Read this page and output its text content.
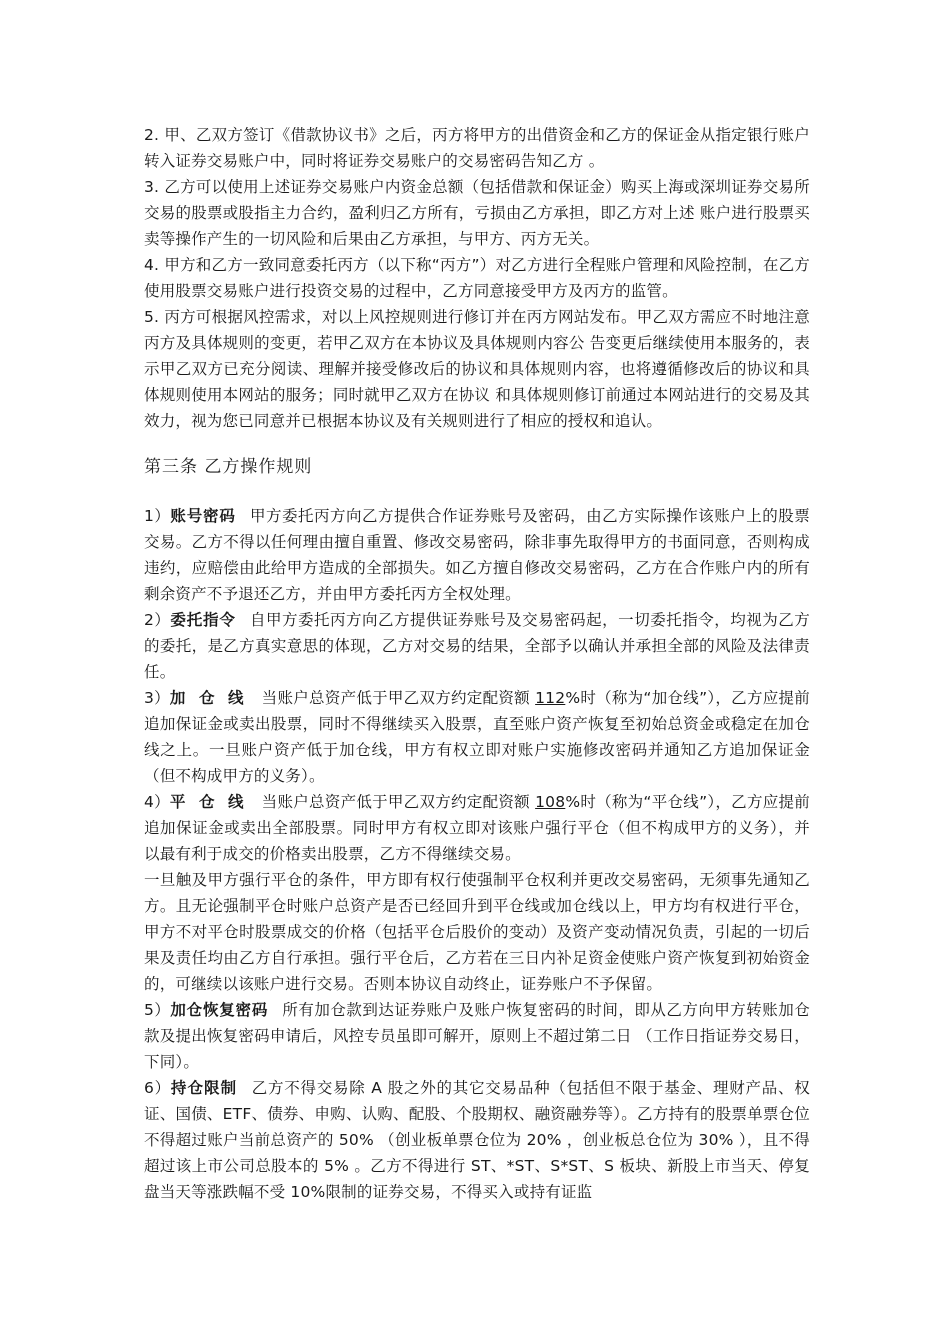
2. 甲、乙双方签订《借款协议书》之后，丙方将甲方的出借资金和乙方的保证金从指定银行账户转入证券交易账户中，同时将证券交易账户的交易密码告知乙方 。

3. 乙方可以使用上述证券交易账户内资金总额（包括借款和保证金）购买上海或深圳证券交易所交易的股票或股指主力合约，盈利归乙方所有，亏损由乙方承担，即乙方对上述 账户进行股票买卖等操作产生的一切风险和后果由乙方承担，与甲方、丙方无关。

4. 甲方和乙方一致同意委托丙方（以下称“丙方”）对乙方进行全程账户管理和风险控制，在乙方使用股票交易账户进行投资交易的过程中，乙方同意接受甲方及丙方的监管。

5. 丙方可根据风控需求，对以上风控规则进行修订并在丙方网站发布。甲乙双方需应不时地注意丙方及具体规则的变更，若甲乙双方在本协议及具体规则内容公 告变更后继续使用本服务的，表示甲乙双方已充分阅读、理解并接受修改后的协议和具体规则内容，也将遵循修改后的协议和具体规则使用本网站的服务；同时就甲乙双方在协议 和具体规则修订前通过本网站进行的交易及其效力，视为您已同意并已根据本协议及有关规则进行了相应的授权和追认。

第三条 乙方操作规则

1）账号密码 甲方委托丙方向乙方提供合作证券账号及密码，由乙方实际操作该账户上的股票交易。乙方不得以任何理由擅自重置、修改交易密码，除非事先取得甲方的书面同意，否则构成违约，应赔偿由此给甲方造成的全部损失。如乙方擅自修改交易密码，乙方在合作账户内的所有剩余资产不予退还乙方，并由甲方委托丙方全权处理。

2）委托指令 自甲方委托丙方向乙方提供证券账号及交易密码起，一切委托指令，均视为乙方的委托，是乙方真实意思的体现，乙方对交易的结果，全部予以确认并承担全部的风险及法律责任。

3）加 仓 线 当账户总资产低于甲乙双方约定配资额 112%时（称为“加仓线”），乙方应提前追加保证金或卖出股票，同时不得继续买入股票，直至账户资产恢复至初始总资金或稳定在加仓线之上。一旦账户资产低于加仓线，甲方有权立即对账户实施修改密码并通知乙方追加保证金（但不构成甲方的义务）。

4）平 仓 线 当账户总资产低于甲乙双方约定配资额 108%时（称为“平仓线”），乙方应提前追加保证金或卖出全部股票。同时甲方有权立即对该账户强行平仓（但不构成甲方的义务），并以最有利于成交的价格卖出股票，乙方不得继续交易。

一旦触及甲方强行平仓的条件，甲方即有权行使强制平仓权利并更改交易密码，无须事先通知乙方。且无论强制平仓时账户总资产是否已经回升到平仓线或加仓线以上，甲方均有权进行平仓，甲方不对平仓时股票成交的价格（包括平仓后股价的变动）及资产变动情况负责，引起的一切后果及责任均由乙方自行承担。强行平仓后，乙方若在三日内补足资金使账户资产恢复到初始资金的，可继续以该账户进行交易。否则本协议自动终止，证券账户不予保留。

5）加仓恢复密码 所有加仓款到达证券账户及账户恢复密码的时间，即从乙方向甲方转账加仓款及提出恢复密码申请后，风控专员虽即可解开，原则上不超过第二日 （工作日指证券交易日，下同）。

6）持仓限制 乙方不得交易除 A 股之外的其它交易品种（包括但不限于基金、理财产品、权证、国债、ETF、债券、申购、认购、配股、个股期权、融资融券等）。乙方持有的股票单票仓位不得超过账户当前总资产的 50% （创业板单票仓位为 20% ，创业板总仓位为 30% ），且不得超过该上市公司总股本的 5% 。乙方不得进行 ST、*ST、S*ST、S 板块、新股上市当天、停复盘当天等涨跌幅不受 10%限制的证券交易，不得买入或持有证监
